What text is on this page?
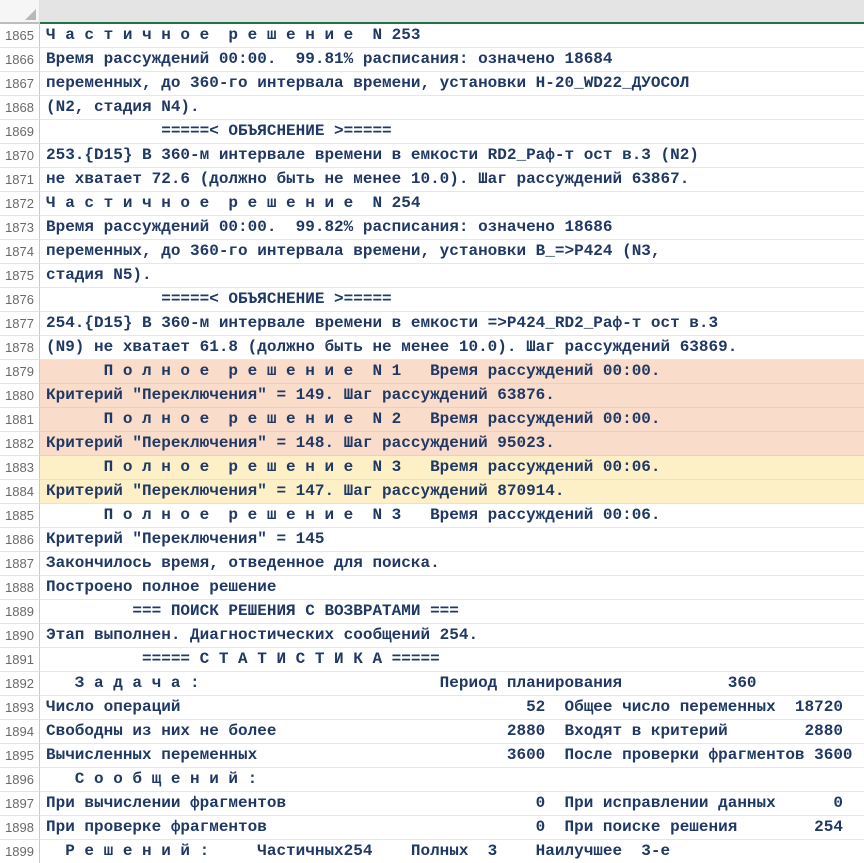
1865 Ч а с т и ч н о е  р е ш е н и е  N 253
1866 Время рассуждений 00:00.  99.81% расписания: означено 18684
1867 переменных, до 360-го интервала времени, установки Н-20_WD22_ДУОСОЛ
1868 (N2, стадия N4).
1869 =====< ОБЪЯСНЕНИЕ >=====
1870 253.{D15} В 360-м интервале времени в емкости RD2_Раф-т ост в.3 (N2)
1871 не хватает 72.6 (должно быть не менее 10.0). Шаг рассуждений 63867.
1872 Ч а с т и ч н о е  р е ш е н и е  N 254
1873 Время рассуждений 00:00.  99.82% расписания: означено 18686
1874 переменных, до 360-го интервала времени, установки В_=>P424 (N3,
1875 стадия N5).
1876 =====< ОБЪЯСНЕНИЕ >=====
1877 254.{D15} В 360-м интервале времени в емкости =>P424_RD2_Раф-т ост в.3
1878 (N9) не хватает 61.8 (должно быть не менее 10.0). Шаг рассуждений 63869.
1879 П о л н о е  р е ш е н и е  N 1   Время рассуждений 00:00.
1880 Критерий "Переключения" = 149. Шаг рассуждений 63876.
1881 П о л н о е  р е ш е н и е  N 2   Время рассуждений 00:00.
1882 Критерий "Переключения" = 148. Шаг рассуждений 95023.
1883 П о л н о е  р е ш е н и е  N 3   Время рассуждений 00:06.
1884 Критерий "Переключения" = 147. Шаг рассуждений 870914.
1885 П о л н о е  р е ш е н и е  N 3   Время рассуждений 00:06.
1886 Критерий "Переключения" = 145
1887 Закончилось время, отведенное для поиска.
1888 Построено полное решение
1889 === ПОИСК РЕШЕНИЯ С ВОЗВРАТАМИ ===
1890 Этап выполнен. Диагностических сообщений 254.
1891 ===== С Т А Т И С Т И К А =====
1892 З а д а ч а :                         Период планирования           360
1893 Число операций                                    52  Общее число переменных  18720
1894 Свободны из них не более                        2880  Входят в критерий        2880
1895 Вычисленных переменных                          3600  После проверки фрагментов 3600
1896 С о о б щ е н и й :
1897 При вычислении фрагментов                          0  При исправлении данных      0
1898 При проверке фрагментов                            0  При поиске решения        254
1899 Р е ш е н и й :     Частичных254    Полных  3    Наилучшее  3-е
